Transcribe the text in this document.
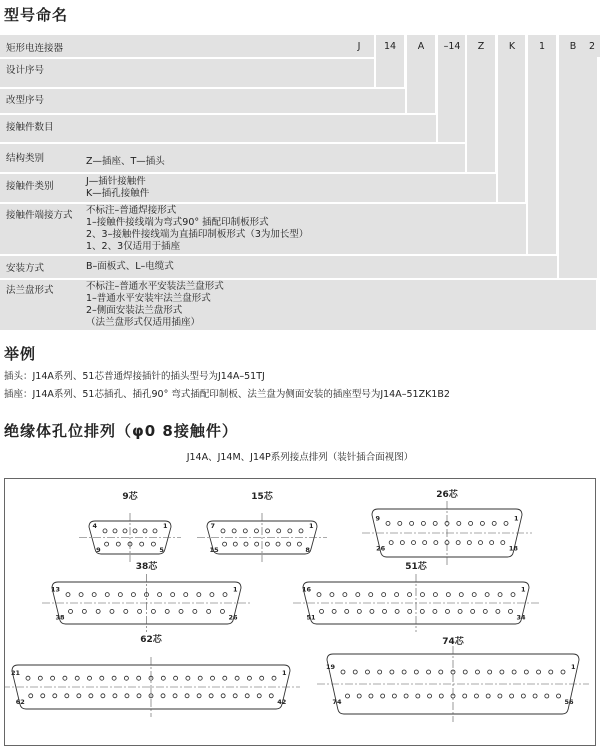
型号命名
矩形电连接器
设计序号
改型序号
接触件数目
结构类别	Z—插座、T—插头
接触件类别	J—插针接触件
K—插孔接触件
接触件端接方式 不标注–普通焊接形式
1–接触件接线端为弯式90° 插配印制板形式
2、3–接触件接线端为直插印制板形式（3为加长型）
1、2、3仅适用于插座
安装方式	B–面板式、L–电缆式
法兰盘形式	不标注–普通水平安装法兰盘形式
1–普通水平安装牢法兰盘形式
2–侧面安装法兰盘形式
（法兰盘形式仅适用插座）
J	14	A	–14	Z	K	1	B	2
举例
插头：J14A系列、51芯普通焊接插针的插头型号为J14A–51TJ
插座：J14A系列、51芯插孔、插孔90° 弯式插配印制板、法兰盘为侧面安装的插座型号为J14A–51ZK1B2
绝缘体孔位排列（φ0 8接触件）
J14A、J14M、J14P系列接点排列（装针插合面视图）
9芯
4	1
9	5
15芯
7	1
15	8
26芯
9	1
26	18
38芯
13	1
38	26
51芯
16	1
51	34
62芯
21	1
62	42
74芯
19	1
74	56
